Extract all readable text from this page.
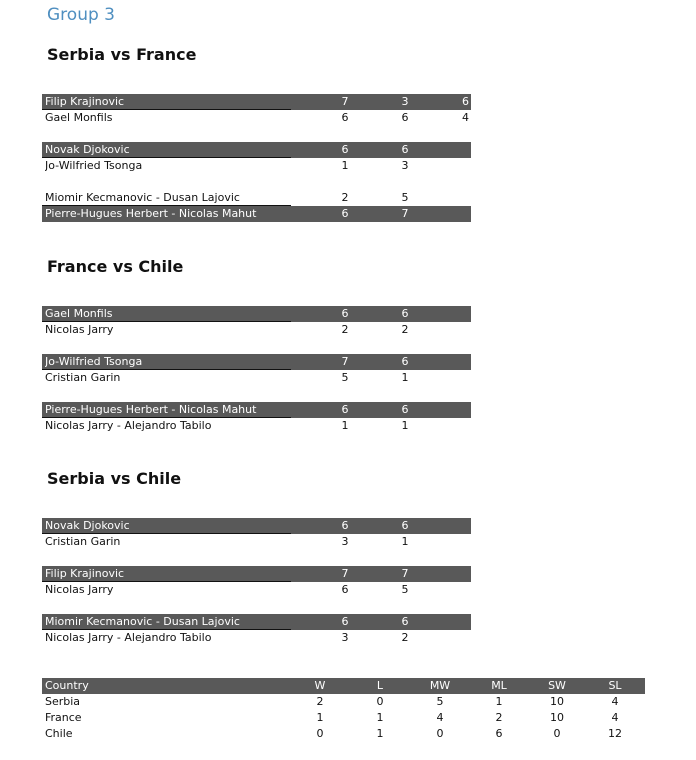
Group 3
Serbia vs France
Filip Krajinovic	7	3	6
Gael Monfils	6	6	4
Novak Djokovic	6	6
Jo-Wilfried Tsonga	1	3
Miomir Kecmanovic - Dusan Lajovic	2	5
Pierre-Hugues Herbert - Nicolas Mahut	6	7
France vs Chile
Gael Monfils	6	6
Nicolas Jarry	2	2
Jo-Wilfried Tsonga	7	6
Cristian Garin	5	1
Pierre-Hugues Herbert - Nicolas Mahut	6	6
Nicolas Jarry - Alejandro Tabilo	1	1
Serbia vs Chile
Novak Djokovic	6	6
Cristian Garin	3	1
Filip Krajinovic	7	7
Nicolas Jarry	6	5
Miomir Kecmanovic - Dusan Lajovic	6	6
Nicolas Jarry - Alejandro Tabilo	3	2
Country	W	L	MW	ML	SW	SL
Serbia	2	0	5	1	10	4
France	1	1	4	2	10	4
Chile	0	1	0	6	0	12
